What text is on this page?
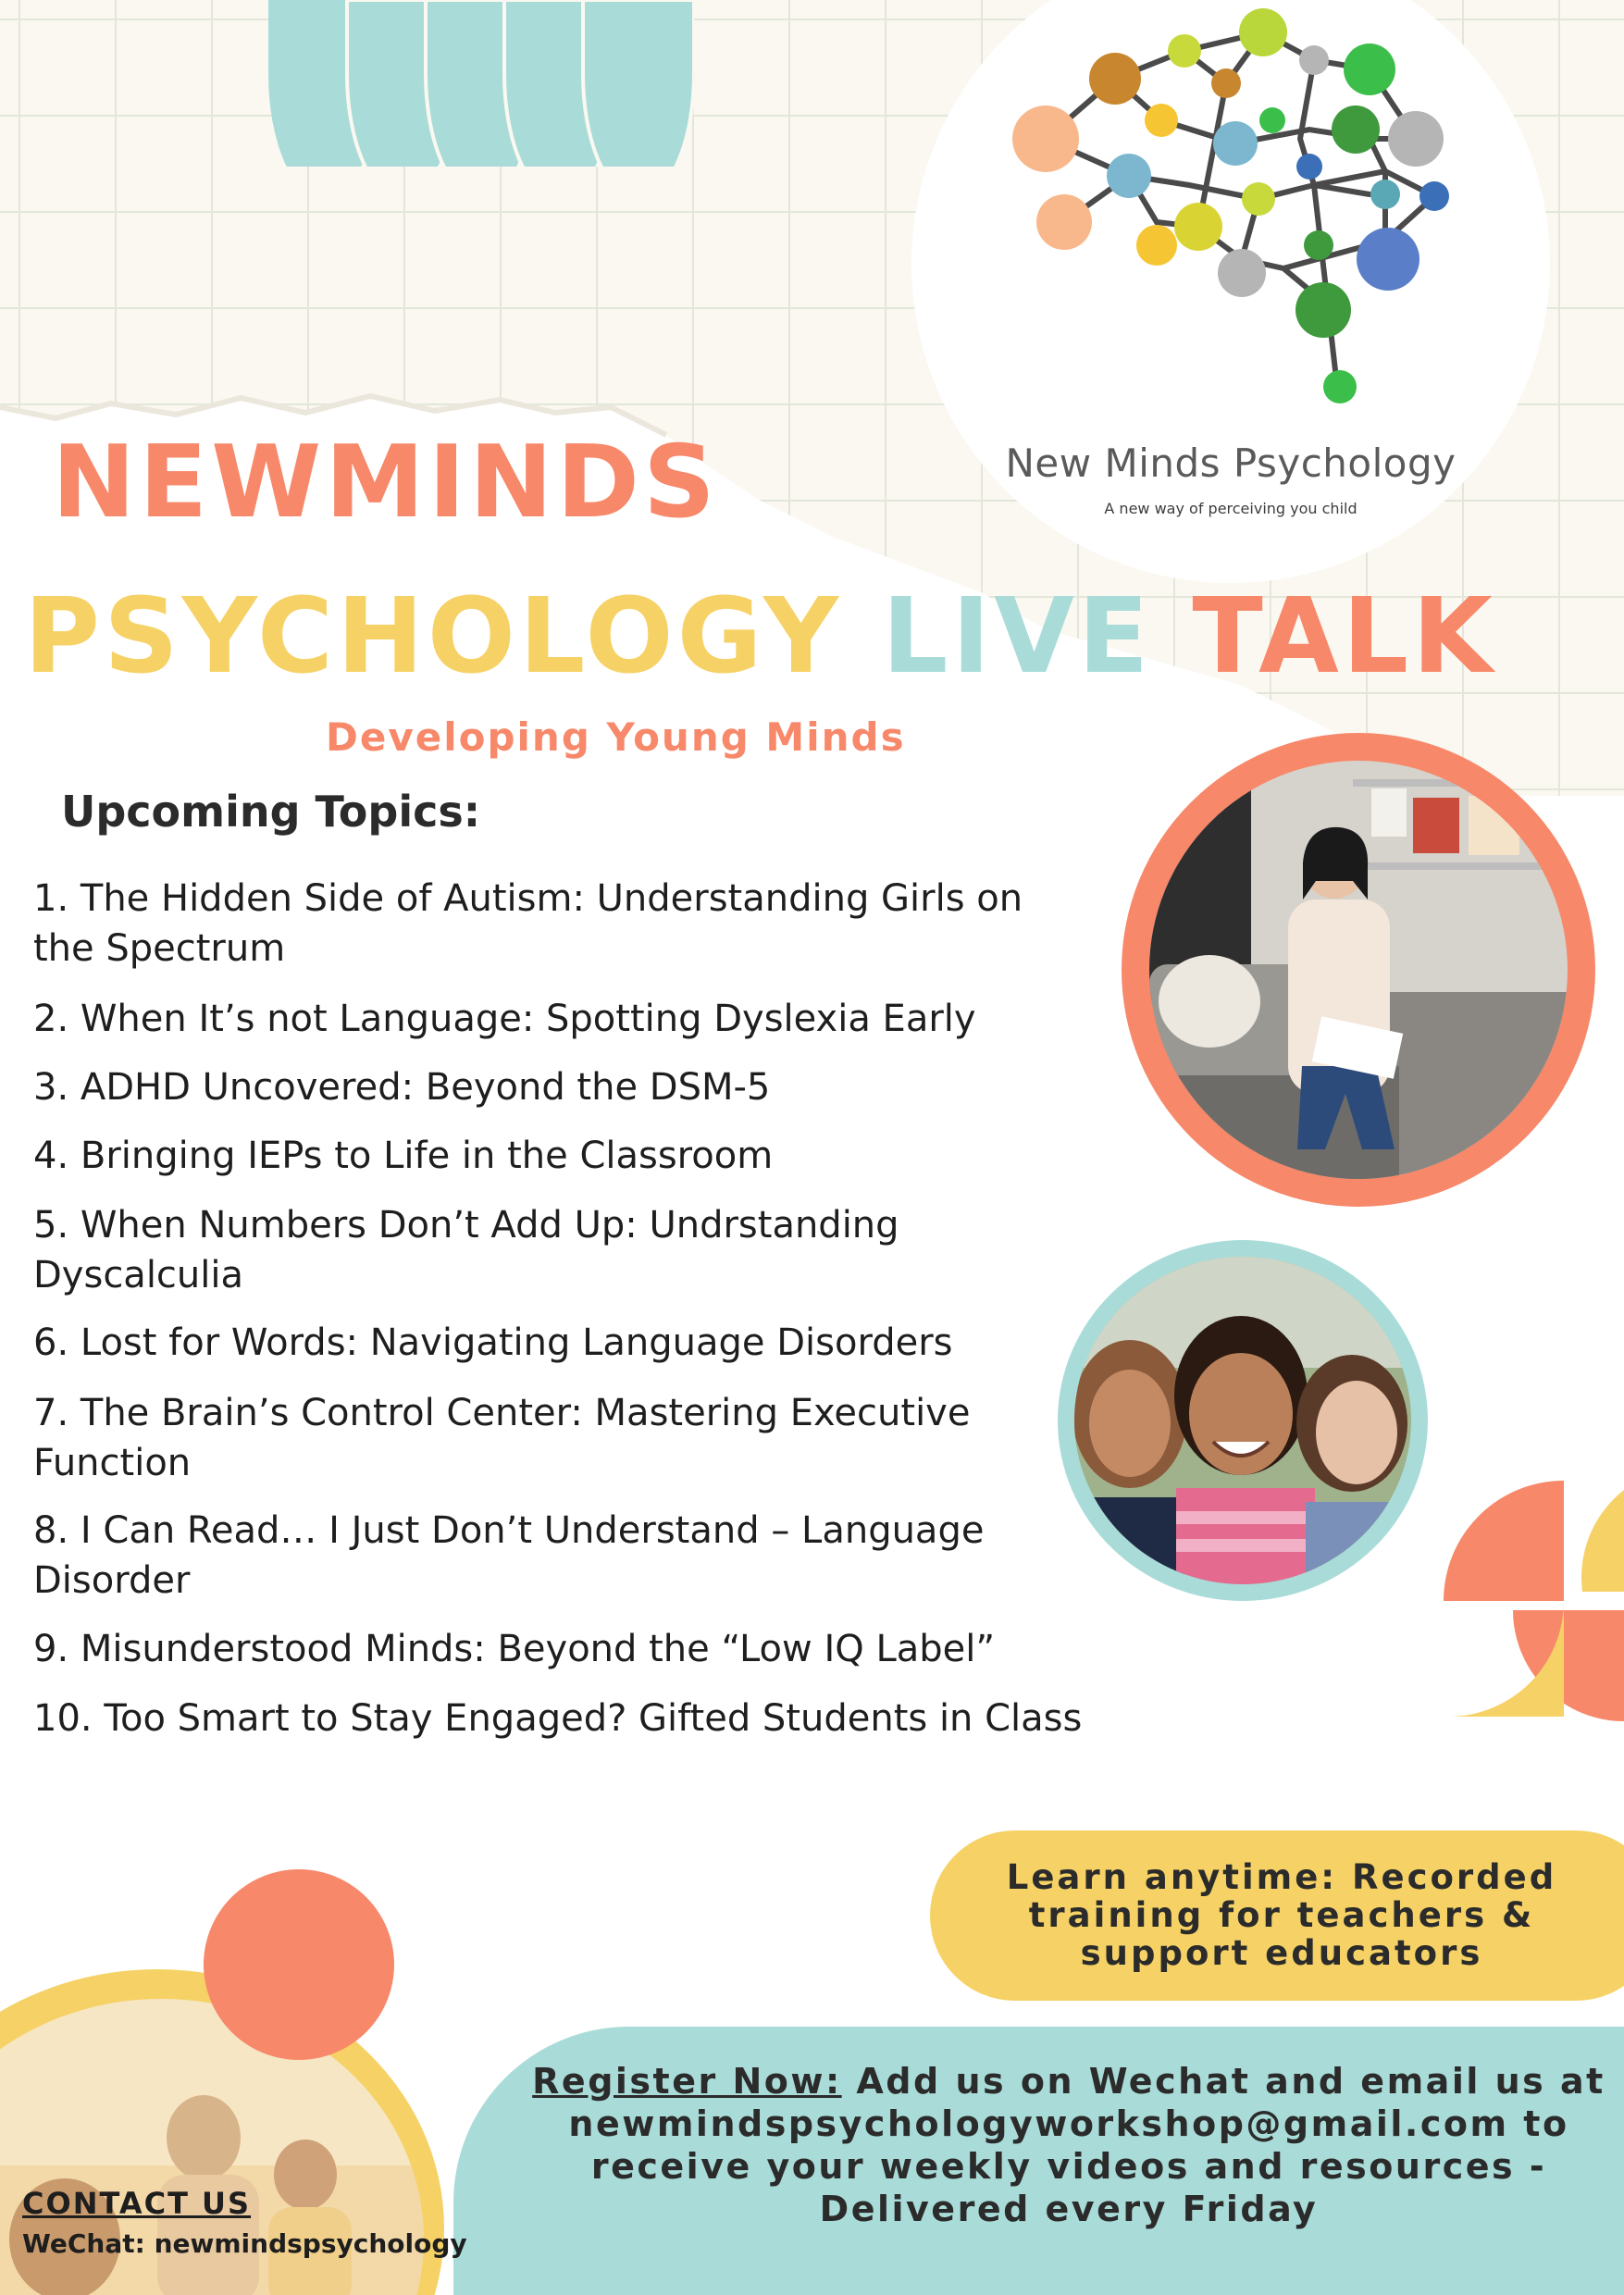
New Minds Psychology
A new way of perceiving you child
NEWMINDS
PSYCHOLOGY LIVE TALK
Developing Young Minds
Upcoming Topics:
1. The Hidden Side of Autism: Understanding Girls on
the Spectrum
2. When It’s not Language: Spotting Dyslexia Early
3. ADHD Uncovered: Beyond the DSM-5
4. Bringing IEPs to Life in the Classroom
5. When Numbers Don’t Add Up: Undrstanding
Dyscalculia
6. Lost for Words: Navigating Language Disorders
7. The Brain’s Control Center: Mastering Executive
Function
8. I Can Read… I Just Don’t Understand – Language
Disorder
9. Misunderstood Minds: Beyond the “Low IQ Label”
10. Too Smart to Stay Engaged? Gifted Students in Class
Learn anytime: Recorded
training for teachers &
support educators
Register Now: Add us on Wechat and email us at
newmindspsychologyworkshop@gmail.com to
receive your weekly videos and resources -
Delivered every Friday
CONTACT US
WeChat: newmindspsychology
